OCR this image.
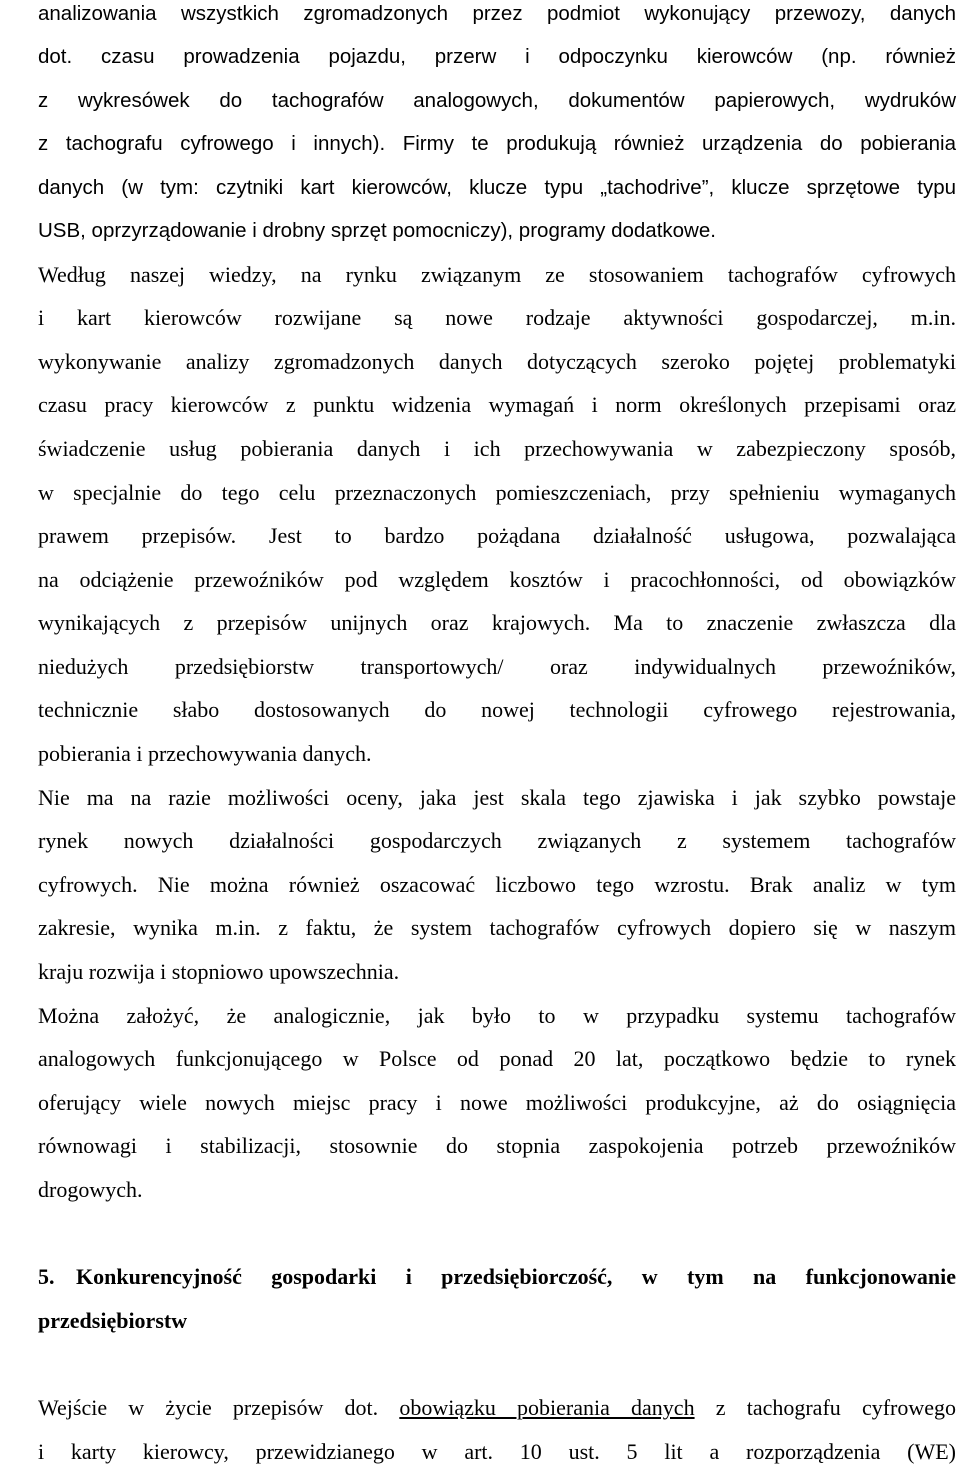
analizowania wszystkich zgromadzonych przez podmiot wykonujący przewozy, danych
dot. czasu prowadzenia pojazdu, przerw i odpoczynku kierowców (np. również
z wykresówek do tachografów analogowych, dokumentów papierowych, wydruków
z tachografu cyfrowego i innych). Firmy te produkują również urządzenia do pobierania
danych (w tym: czytniki kart kierowców, klucze typu „tachodrive”, klucze sprzętowe typu
USB, oprzyrządowanie i drobny sprzęt pomocniczy), programy dodatkowe.
Według naszej wiedzy, na rynku związanym ze stosowaniem tachografów cyfrowych
i kart kierowców rozwijane są nowe rodzaje aktywności gospodarczej, m.in.
wykonywanie analizy zgromadzonych danych dotyczących szeroko pojętej problematyki
czasu pracy kierowców z punktu widzenia wymagań i norm określonych przepisami oraz
świadczenie usług pobierania danych i ich przechowywania w zabezpieczony sposób,
w specjalnie do tego celu przeznaczonych pomieszczeniach, przy spełnieniu wymaganych
prawem przepisów. Jest to bardzo pożądana działalność usługowa, pozwalająca
na odciążenie przewoźników pod względem kosztów i pracochłonności, od obowiązków
wynikających z przepisów unijnych oraz krajowych. Ma to znaczenie zwłaszcza dla
niedużych przedsiębiorstw transportowych/ oraz indywidualnych przewoźników,
technicznie słabo dostosowanych do nowej technologii cyfrowego rejestrowania,
pobierania i przechowywania danych.
Nie ma na razie możliwości oceny, jaka jest skala tego zjawiska i jak szybko powstaje
rynek nowych działalności gospodarczych związanych z systemem tachografów
cyfrowych. Nie można również oszacować liczbowo tego wzrostu. Brak analiz w tym
zakresie, wynika m.in. z faktu, że system tachografów cyfrowych dopiero się w naszym
kraju rozwija i stopniowo upowszechnia.
Można założyć, że analogicznie, jak było to w przypadku systemu tachografów
analogowych funkcjonującego w Polsce od ponad 20 lat, początkowo będzie to rynek
oferujący wiele nowych miejsc pracy i nowe możliwości produkcyjne, aż do osiągnięcia
równowagi i stabilizacji, stosownie do stopnia zaspokojenia potrzeb przewoźników
drogowych.
5. Konkurencyjność gospodarki i przedsiębiorczość, w tym na funkcjonowanie
przedsiębiorstw
Wejście w życie przepisów dot. obowiązku pobierania danych z tachografu cyfrowego
i karty kierowcy, przewidzianego w art. 10 ust. 5 lit a rozporządzenia (WE)
